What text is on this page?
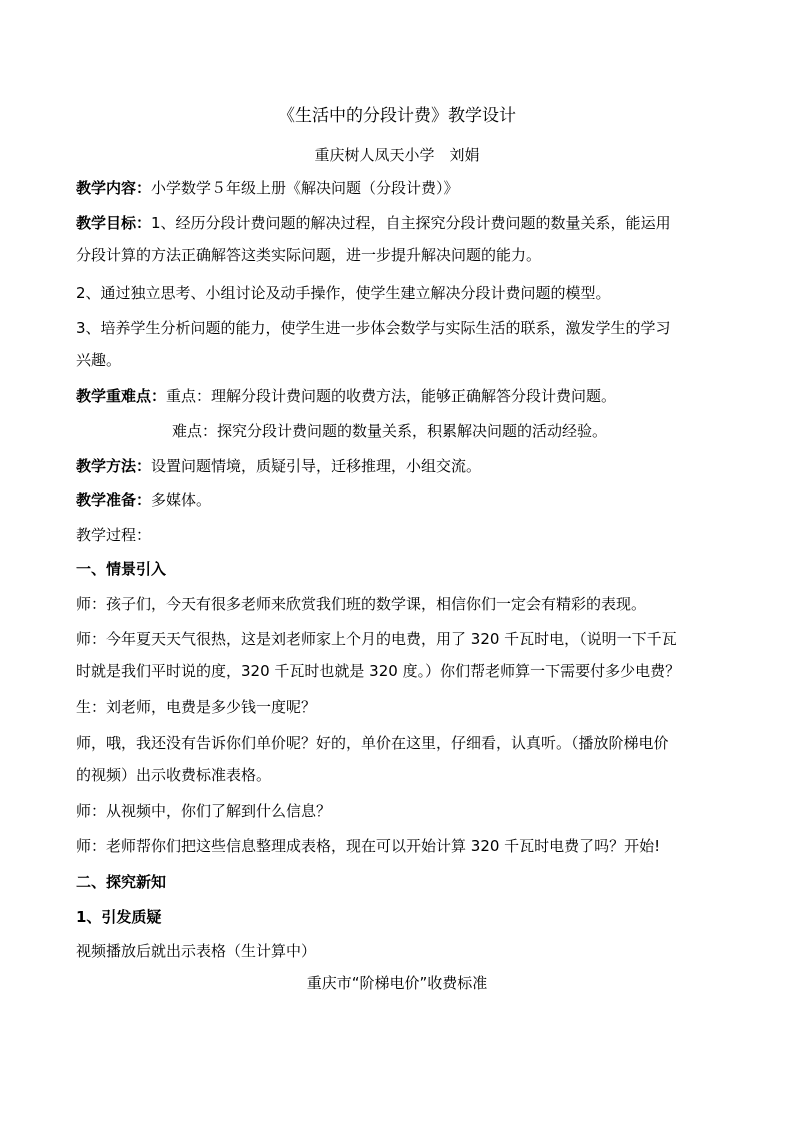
《生活中的分段计费》教学设计
重庆树人凤天小学　刘娟
教学内容：小学数学５年级上册《解决问题（分段计费）》
教学目标：1、经历分段计费问题的解决过程，自主探究分段计费问题的数量关系，能运用
分段计算的方法正确解答这类实际问题，进一步提升解决问题的能力。
2、通过独立思考、小组讨论及动手操作，使学生建立解决分段计费问题的模型。
3、培养学生分析问题的能力，使学生进一步体会数学与实际生活的联系，激发学生的学习
兴趣。
教学重难点：重点：理解分段计费问题的收费方法，能够正确解答分段计费问题。
难点：探究分段计费问题的数量关系，积累解决问题的活动经验。
教学方法：设置问题情境，质疑引导，迁移推理，小组交流。
教学准备：多媒体。
教学过程：
一、情景引入
师：孩子们，今天有很多老师来欣赏我们班的数学课，相信你们一定会有精彩的表现。
师：今年夏天天气很热，这是刘老师家上个月的电费，用了 320 千瓦时电，（说明一下千瓦
时就是我们平时说的度，320 千瓦时也就是 320 度。）你们帮老师算一下需要付多少电费？
生：刘老师，电费是多少钱一度呢？
师，哦，我还没有告诉你们单价呢？好的，单价在这里，仔细看，认真听。（播放阶梯电价
的视频）出示收费标准表格。
师：从视频中，你们了解到什么信息？
师：老师帮你们把这些信息整理成表格，现在可以开始计算 320 千瓦时电费了吗？开始!
二、探究新知
1、引发质疑
视频播放后就出示表格（生计算中）
重庆市“阶梯电价”收费标准
